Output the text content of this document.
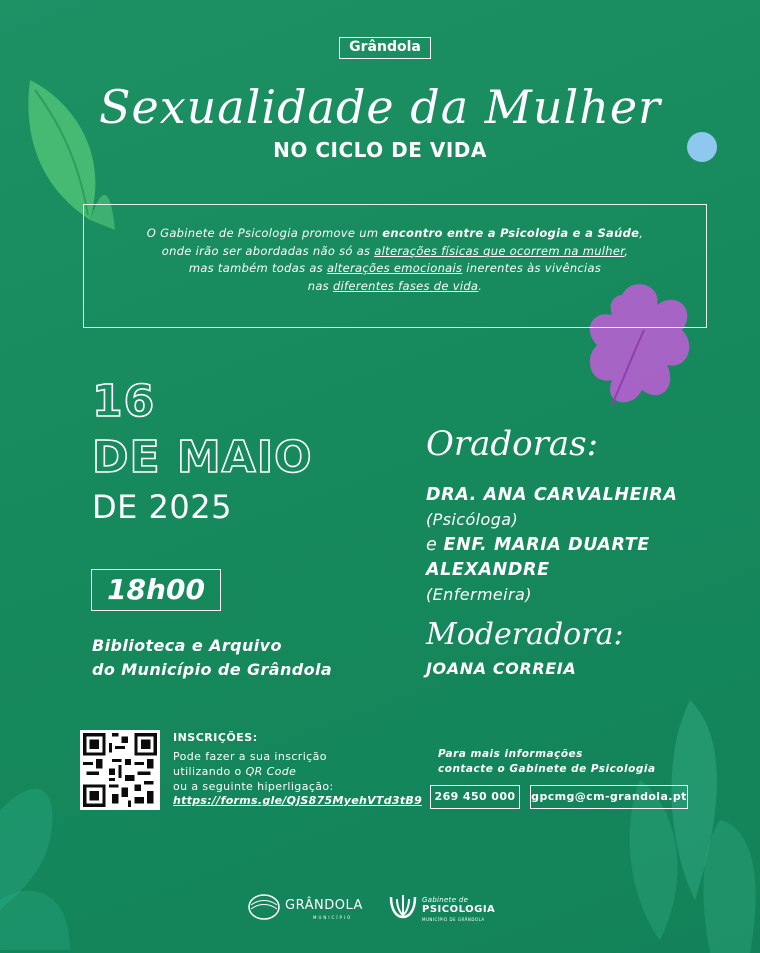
Grândola
Sexualidade da Mulher
NO CICLO DE VIDA
O Gabinete de Psicologia promove um encontro entre a Psicologia e a Saúde,
onde irão ser abordadas não só as alterações físicas que ocorrem na mulher,
mas também todas as alterações emocionais inerentes às vivências
nas diferentes fases de vida.
16
DE MAIO
DE 2025
18h00
Biblioteca e Arquivo
do Município de Grândola
Oradoras:
DRA. ANA CARVALHEIRA
(Psicóloga)
e ENF. MARIA DUARTE
ALEXANDRE
(Enfermeira)
Moderadora:
JOANA CORREIA
INSCRIÇÕES:
Pode fazer a sua inscrição
utilizando o QR Code
ou a seguinte hiperligação:
https://forms.gle/QjS875MyehVTd3tB9
Para mais informações
contacte o Gabinete de Psicologia
269 450 000	gpcmg@cm-grandola.pt
GRÂNDOLA
MUNICÍPIO
Gabinete de
PSICOLOGIA
MUNICÍPIO DE GRÂNDOLA
